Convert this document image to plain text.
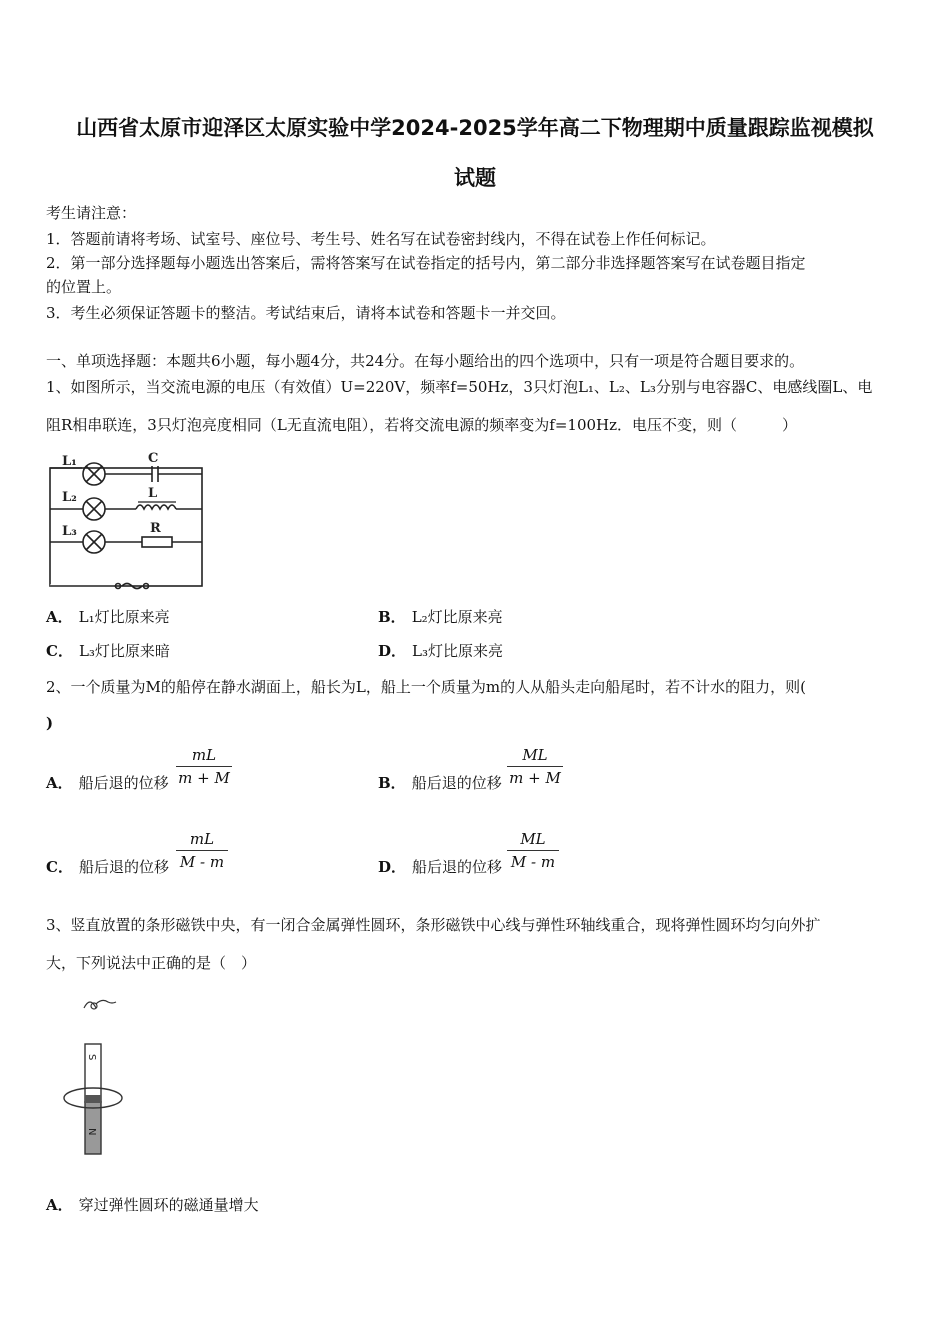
山西省太原市迎泽区太原实验中学2024-2025学年高二下物理期中质量跟踪监视模拟
试题
考生请注意：
1．答题前请将考场、试室号、座位号、考生号、姓名写在试卷密封线内，不得在试卷上作任何标记。
2．第一部分选择题每小题选出答案后，需将答案写在试卷指定的括号内，第二部分非选择题答案写在试卷题目指定
的位置上。
3．考生必须保证答题卡的整洁。考试结束后，请将本试卷和答题卡一并交回。
一、单项选择题：本题共6小题，每小题4分，共24分。在每小题给出的四个选项中，只有一项是符合题目要求的。
1、如图所示，当交流电源的电压（有效值）U=220V，频率f=50Hz，3只灯泡L₁、L₂、L₃分别与电容器C、电感线圈L、电
阻R相串联连，3只灯泡亮度相同（L无直流电阻），若将交流电源的频率变为f=100Hz．电压不变，则（　　　）
L₁
L₂
L₃
C
L
R
A． L₁灯比原来亮	B． L₂灯比原来亮
C． L₃灯比原来暗	D． L₃灯比原来亮
2、一个质量为M的船停在静水湖面上，船长为L，船上一个质量为m的人从船头走向船尾时，若不计水的阻力，则(
)
A． 船后退的位移
mL
m + M	B． 船后退的位移
ML
m + M
C． 船后退的位移
mL
M - m	D． 船后退的位移
ML
M - m
3、竖直放置的条形磁铁中央，有一闭合金属弹性圆环，条形磁铁中心线与弹性环轴线重合，现将弹性圆环均匀向外扩
大，下列说法中正确的是（　）
S
N
A． 穿过弹性圆环的磁通量增大
